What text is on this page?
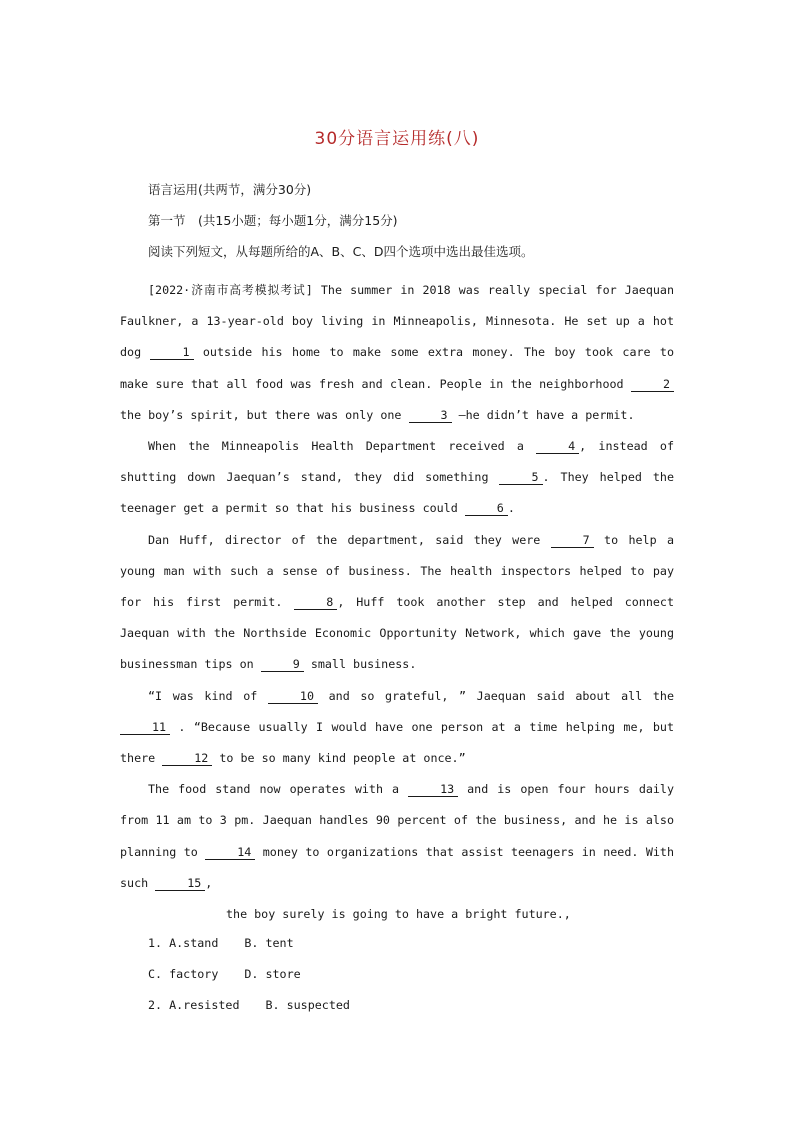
30分语言运用练(八)
语言运用(共两节，满分30分)
第一节　(共15小题；每小题1分，满分15分)
阅读下列短文，从每题所给的A、B、C、D四个选项中选出最佳选项。

[2022·济南市高考模拟考试] The summer in 2018 was really special for Jaequan Faulkner, a 13-year-old boy living in Minneapolis, Minnesota. He set up a hot dog	1 outside his home to make some extra money. The boy took care to make sure that all food was fresh and clean. People in the neighborhood	2 the boy’s spirit, but there was only one	3 —he didn’t have a permit.

When the Minneapolis Health Department received a	4 , instead of shutting down Jaequan’s stand, they did something	5 . They helped the teenager get a permit so that his business could	6 .

Dan Huff, director of the department, said they were	7 to help a young man with such a sense of business. The health inspectors helped to pay for his first permit.	8 , Huff took another step and helped connect Jaequan with the Northside Economic Opportunity Network, which gave the young businessman tips on	9 small business.

“I was kind of	10 and so grateful, ” Jaequan said about all the 11 . “Because usually I would have one person at a time helping me, but there	12 to be so many kind people at once.”

The food stand now operates with a	13 and is open four hours daily from 11 am to 3 pm. Jaequan handles 90 percent of the business, and he is also planning to	14 money to organizations that assist teenagers in need. With such	15 ,

the boy surely is going to have a bright future.,

1. A.stand B. tent
C. factory D. store
2. A.resisted B. suspected
